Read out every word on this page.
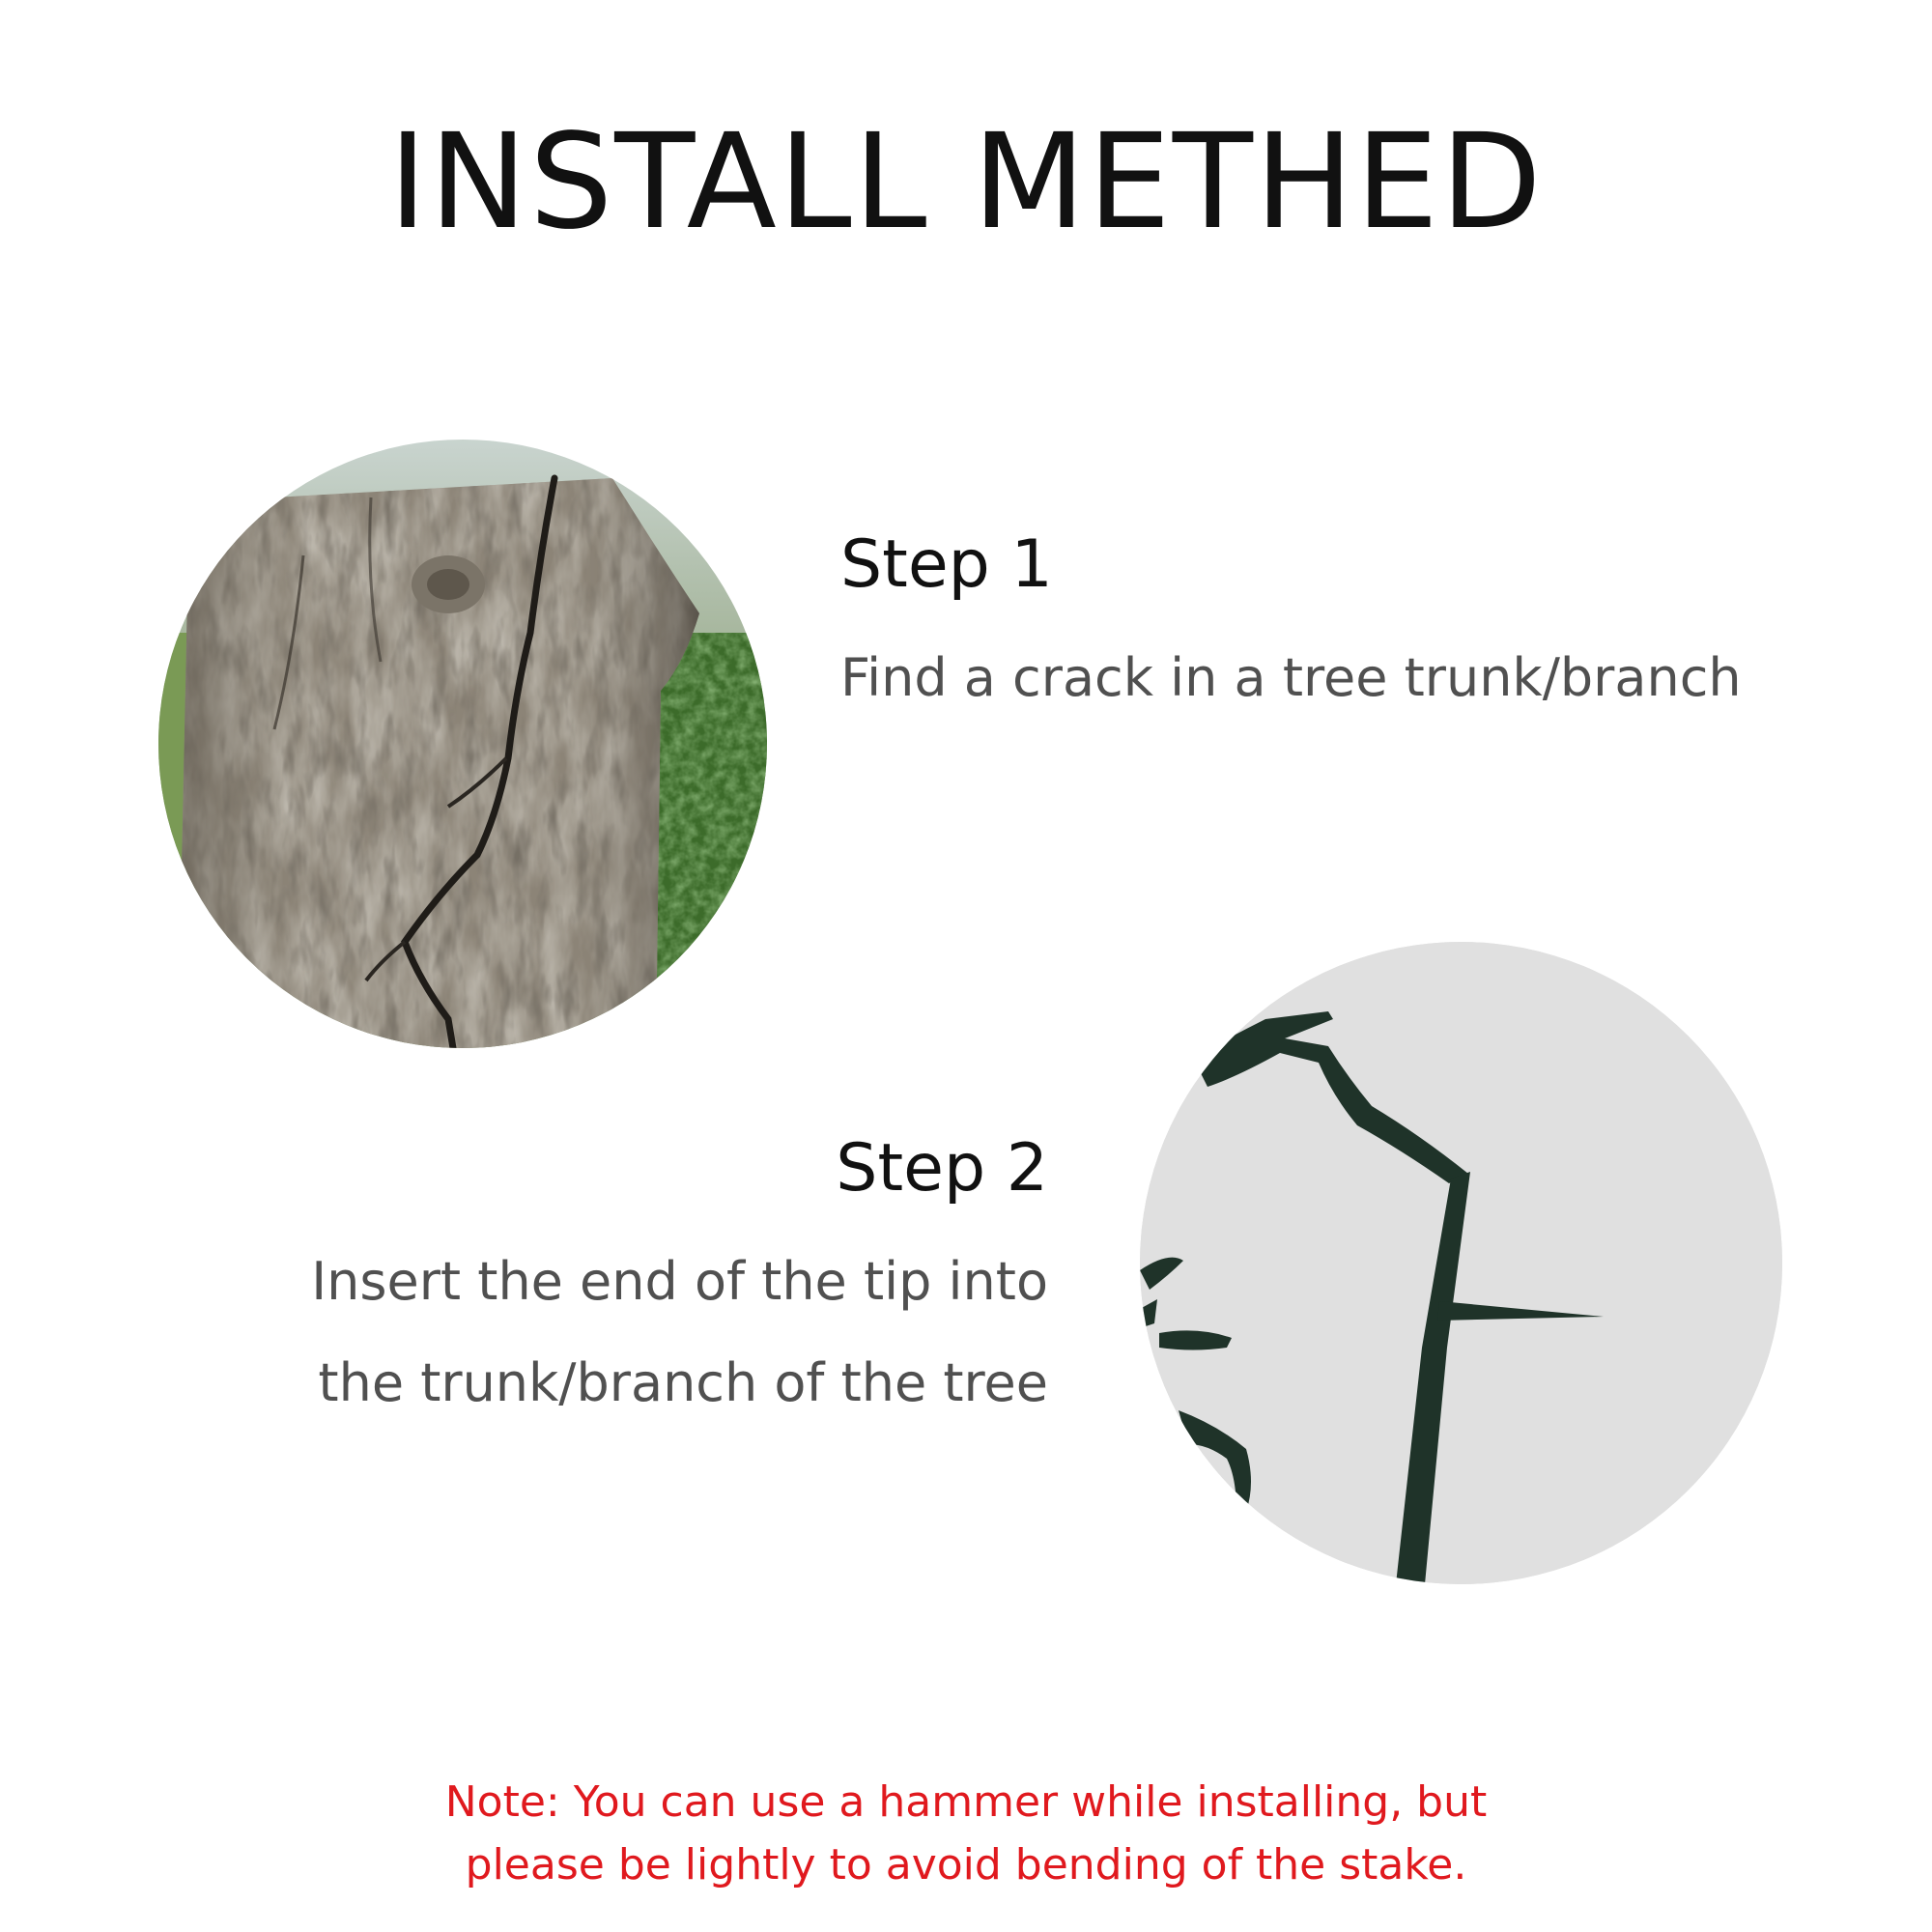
INSTALL METHED
Step 1
Find a crack in a tree trunk/branch
Step 2
Insert the end of the tip into
the trunk/branch of the tree
Note: You can use a hammer while installing, but
please be lightly to avoid bending of the stake.
